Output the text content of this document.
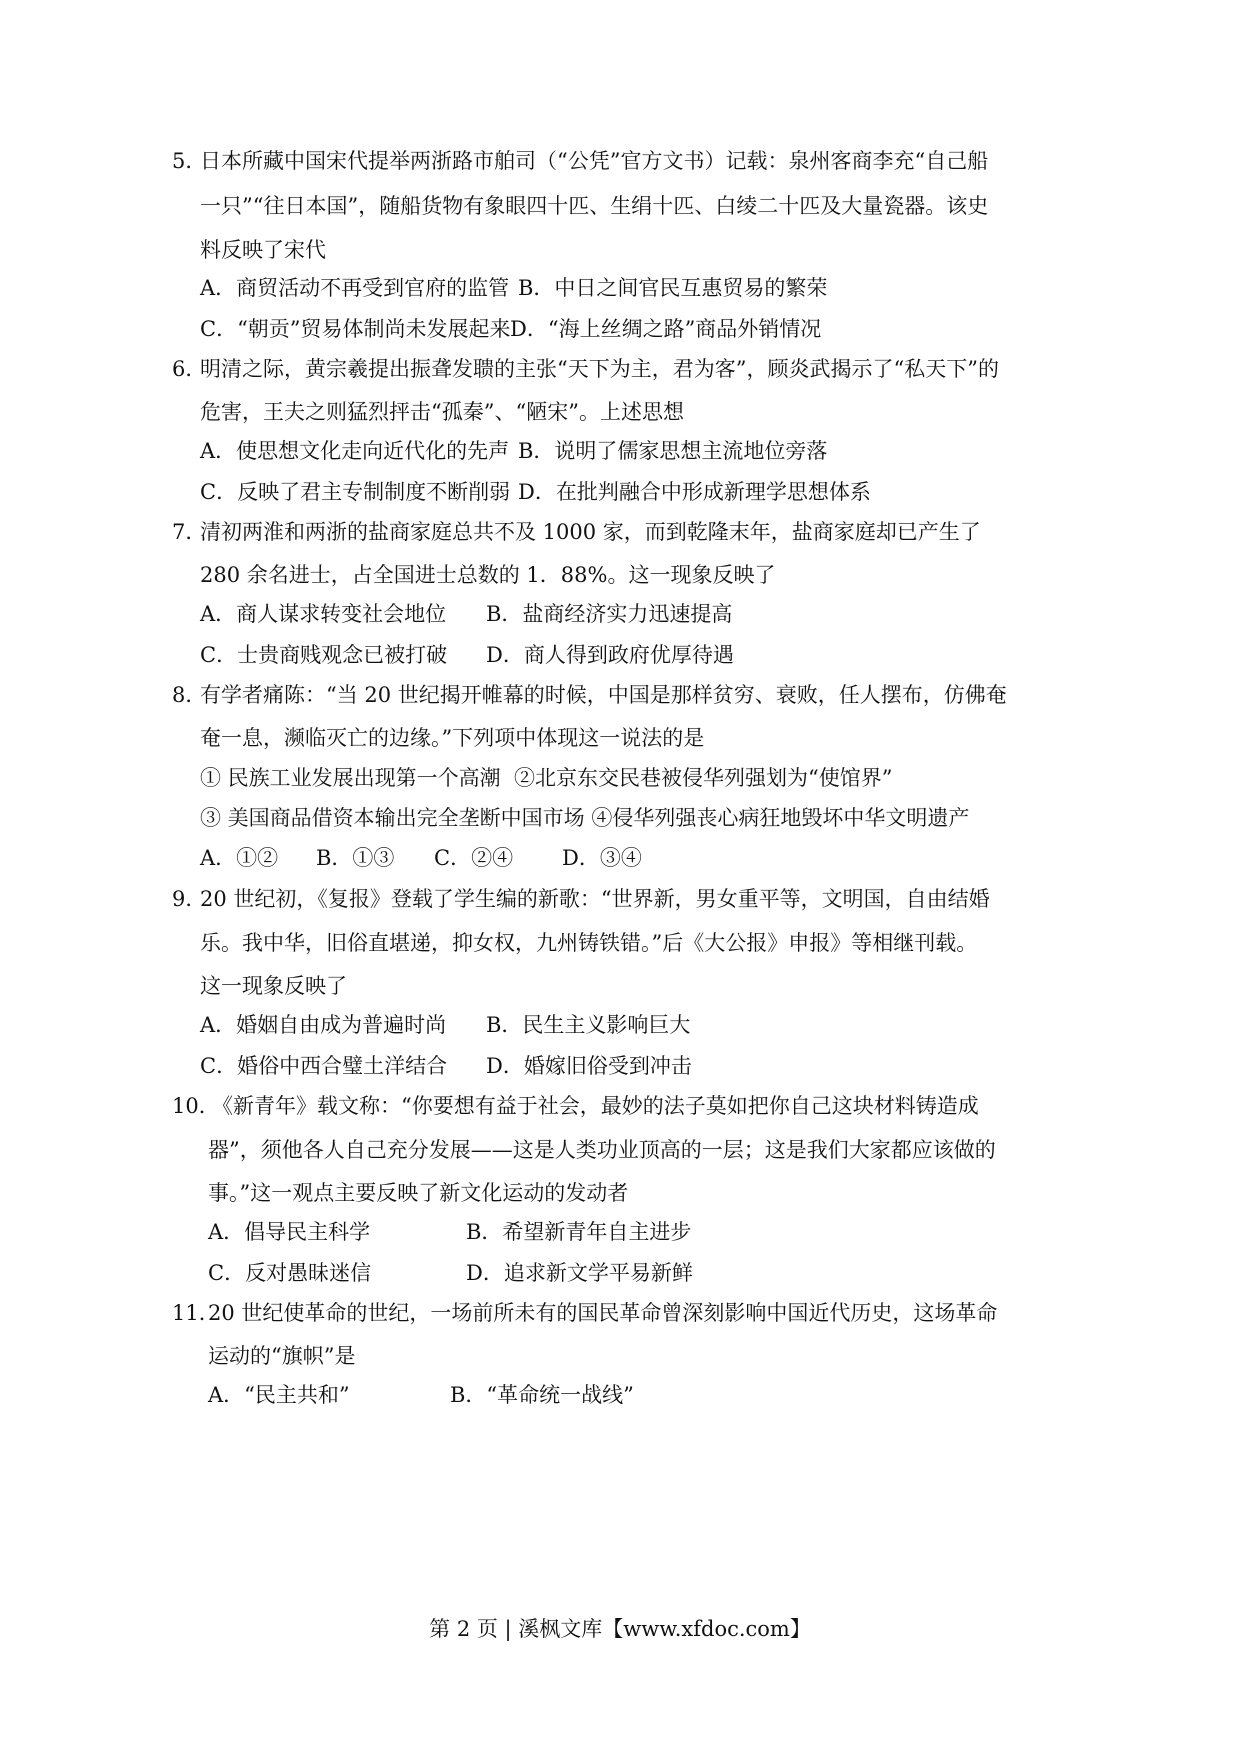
5．
日本所藏中国宋代提举两浙路市舶司（“公凭”官方文书）记载：泉州客商李充“自己船
一只”“往日本国”，随船货物有象眼四十匹、生绢十匹、白绫二十匹及大量瓷器。该史
料反映了宋代
A．商贸活动不再受到官府的监管 B．中日之间官民互惠贸易的繁荣
C．“朝贡”贸易体制尚未发展起来 D．“海上丝绸之路”商品外销情况
6．
明清之际，黄宗羲提出振聋发聩的主张“天下为主，君为客”，顾炎武揭示了“私天下”的
危害，王夫之则猛烈抨击“孤秦”、“陋宋”。上述思想
A．使思想文化走向近代化的先声 B．说明了儒家思想主流地位旁落
C．反映了君主专制制度不断削弱 D．在批判融合中形成新理学思想体系
7．
清初两淮和两浙的盐商家庭总共不及 1000 家，而到乾隆末年，盐商家庭却已产生了
280 余名进士，占全国进士总数的 1．88%。这一现象反映了
A．商人谋求转变社会地位 B．盐商经济实力迅速提高
C．士贵商贱观念已被打破 D．商人得到政府优厚待遇
8．
有学者痛陈：“当 20 世纪揭开帷幕的时候，中国是那样贫穷、衰败，任人摆布，仿佛奄
奄一息，濒临灭亡的边缘。”下列项中体现这一说法的是
① 民族工业发展出现第一个高潮 ②北京东交民巷被侵华列强划为“使馆界”
③ 美国商品借资本输出完全垄断中国市场 ④侵华列强丧心病狂地毁坏中华文明遗产
A．①② B．①③ C．②④ D．③④
9．
20 世纪初，《复报》登载了学生编的新歌：“世界新，男女重平等，文明国，自由结婚
乐。我中华，旧俗直堪递，抑女权，九州铸铁错。”后《大公报》申报》等相继刊载。
这一现象反映了
A．婚姻自由成为普遍时尚 B．民生主义影响巨大
C．婚俗中西合璧土洋结合 D．婚嫁旧俗受到冲击
10．
《新青年》载文称：“你要想有益于社会，最妙的法子莫如把你自己这块材料铸造成
器”，须他各人自己充分发展——这是人类功业顶高的一层；这是我们大家都应该做的
事。”这一观点主要反映了新文化运动的发动者
A．倡导民主科学	B．希望新青年自主进步
C．反对愚昧迷信	D．追求新文学平易新鲜
11．
20 世纪使革命的世纪，一场前所未有的国民革命曾深刻影响中国近代历史，这场革命
运动的“旗帜”是
A．“民主共和”	B．“革命统一战线”
第 2 页 | 溪枫文库【www.xfdoc.com】
